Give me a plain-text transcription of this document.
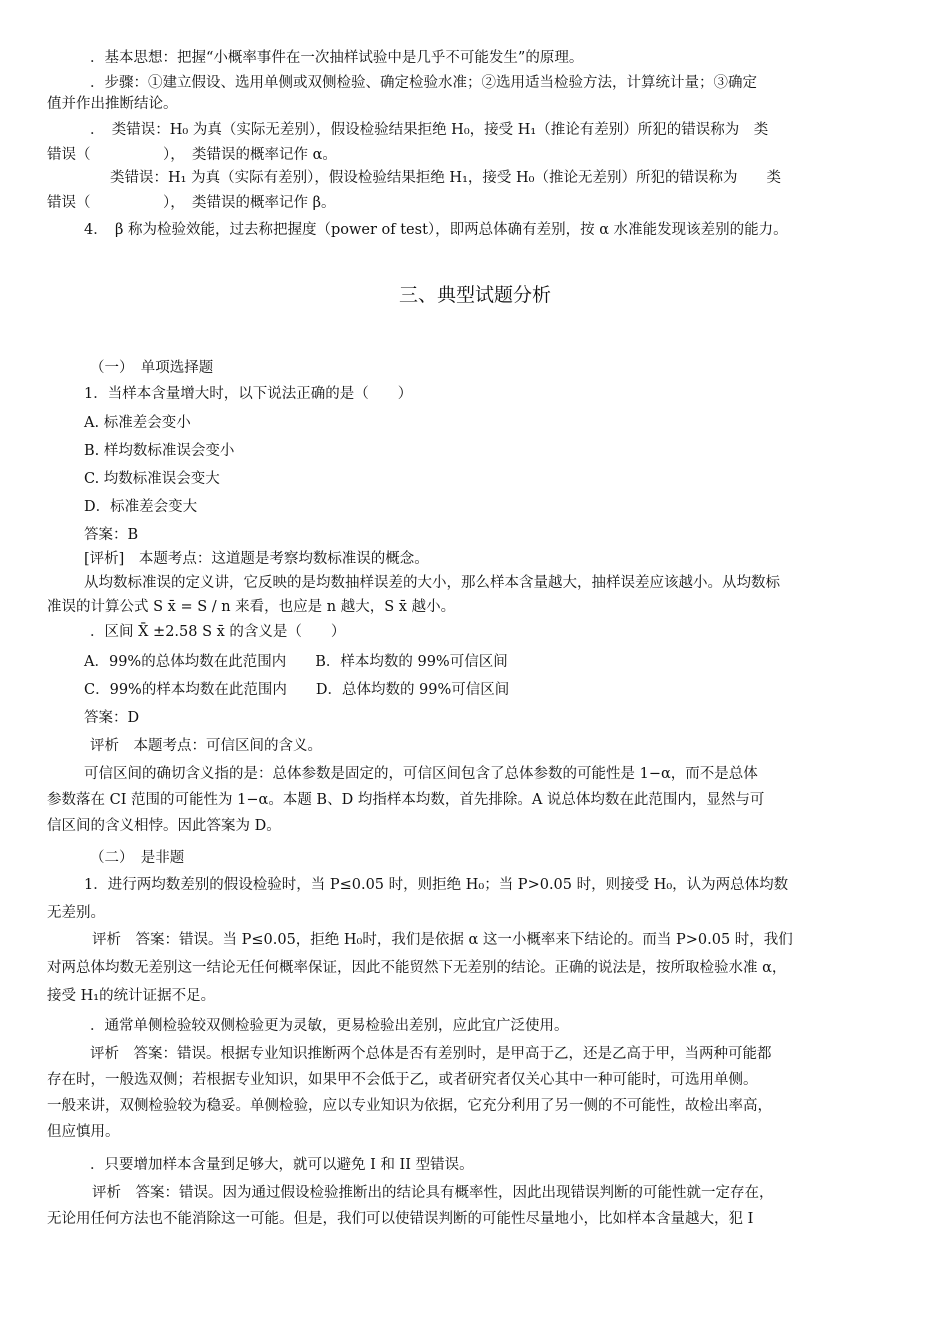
．基本思想：把握“小概率事件在一次抽样试验中是几乎不可能发生”的原理。
．步骤：①建立假设、选用单侧或双侧检验、确定检验水准；②选用适当检验方法，计算统计量；③确定
值并作出推断结论。
．　类错误：H₀ 为真（实际无差别），假设检验结果拒绝 H₀，接受 H₁（推论有差别）所犯的错误称为　类
错误（　　　　　），　类错误的概率记作 α。
类错误：H₁ 为真（实际有差别），假设检验结果拒绝 H₁，接受 H₀（推论无差别）所犯的错误称为　　类
错误（　　　　　），　类错误的概率记作 β。
4．　β 称为检验效能，过去称把握度（power of test），即两总体确有差别，按 α 水准能发现该差别的能力。
三、典型试题分析
（一）　单项选择题
1．当样本含量增大时，以下说法正确的是（　　）
A. 标准差会变小
B. 样均数标准误会变小
C. 均数标准误会变大
D．标准差会变大
答案：B
[评析]　本题考点：这道题是考察均数标准误的概念。
从均数标准误的定义讲，它反映的是均数抽样误差的大小，那么样本含量越大，抽样误差应该越小。从均数标
准误的计算公式 S x̄ = S / n 来看，也应是 n 越大，S x̄ 越小。
．区间 X̄ ±2.58 S x̄ 的含义是（　　）
A．99%的总体均数在此范围内　　B．样本均数的 99%可信区间
C．99%的样本均数在此范围内　　D．总体均数的 99%可信区间
答案：D
评析　本题考点：可信区间的含义。
可信区间的确切含义指的是：总体参数是固定的，可信区间包含了总体参数的可能性是 1−α，而不是总体
参数落在 CI 范围的可能性为 1−α。本题 B、D 均指样本均数，首先排除。A 说总体均数在此范围内，显然与可
信区间的含义相悖。因此答案为 D。
（二）　是非题
1．进行两均数差别的假设检验时，当 P≤0.05 时，则拒绝 H₀；当 P>0.05 时，则接受 H₀，认为两总体均数
无差别。
评析　答案：错误。当 P≤0.05，拒绝 H₀时，我们是依据 α 这一小概率来下结论的。而当 P>0.05 时，我们
对两总体均数无差别这一结论无任何概率保证，因此不能贸然下无差别的结论。正确的说法是，按所取检验水准 α，
接受 H₁的统计证据不足。
．通常单侧检验较双侧检验更为灵敏，更易检验出差别，应此宜广泛使用。
评析　答案：错误。根据专业知识推断两个总体是否有差别时，是甲高于乙，还是乙高于甲，当两种可能都
存在时，一般选双侧；若根据专业知识，如果甲不会低于乙，或者研究者仅关心其中一种可能时，可选用单侧。
一般来讲，双侧检验较为稳妥。单侧检验，应以专业知识为依据，它充分利用了另一侧的不可能性，故检出率高，
但应慎用。
．只要增加样本含量到足够大，就可以避免 I 和 II 型错误。
评析　答案：错误。因为通过假设检验推断出的结论具有概率性，因此出现错误判断的可能性就一定存在，
无论用任何方法也不能消除这一可能。但是，我们可以使错误判断的可能性尽量地小，比如样本含量越大，犯 I
